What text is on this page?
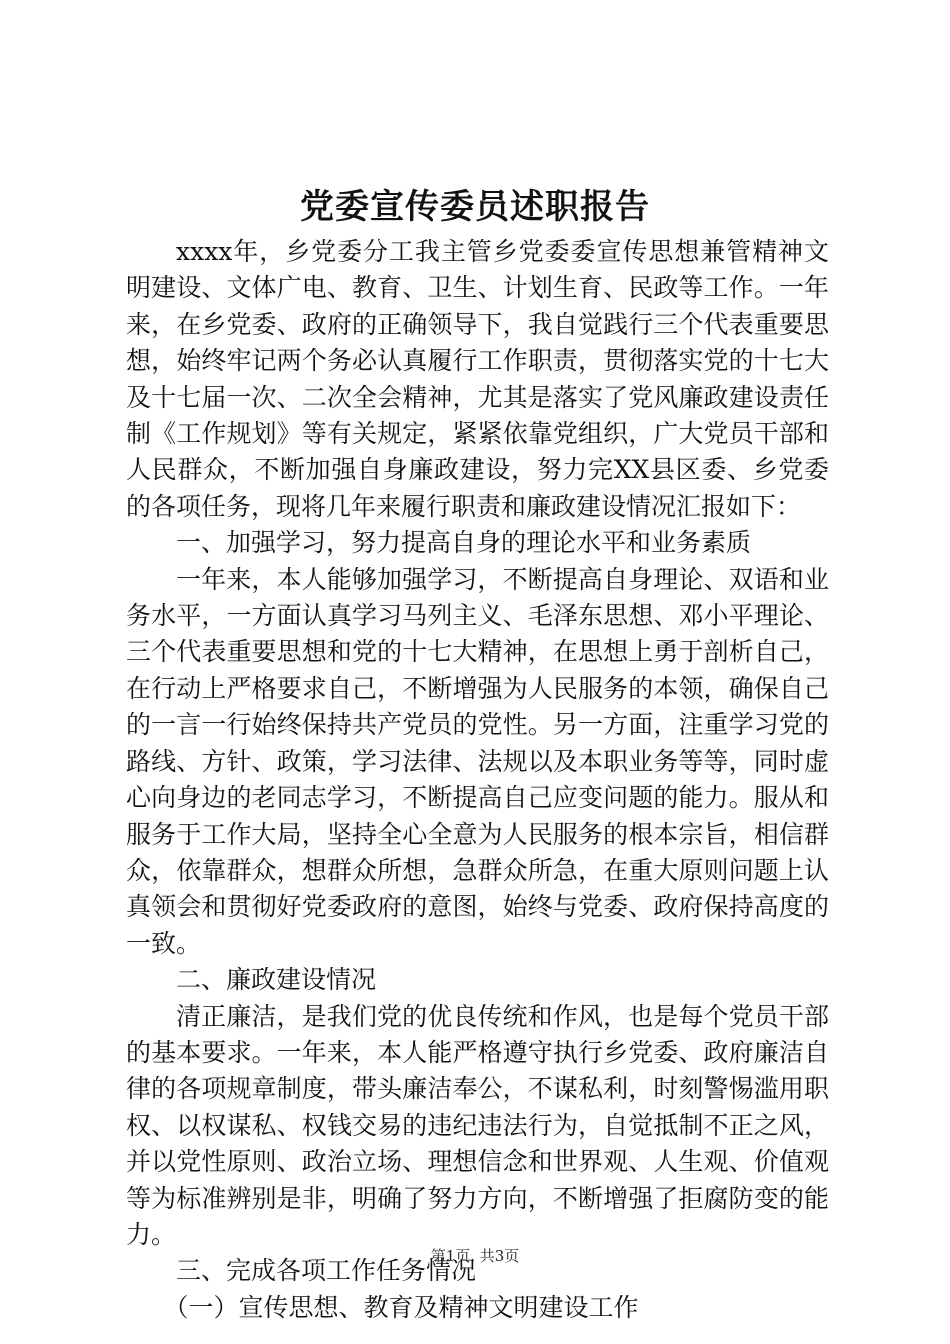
党委宣传委员述职报告

xxxx年，乡党委分工我主管乡党委委宣传思想兼管精神文明建设、文体广电、教育、卫生、计划生育、民政等工作。一年来，在乡党委、政府的正确领导下，我自觉践行三个代表重要思想，始终牢记两个务必认真履行工作职责，贯彻落实党的十七大及十七届一次、二次全会精神，尤其是落实了党风廉政建设责任制《工作规划》等有关规定，紧紧依靠党组织，广大党员干部和人民群众，不断加强自身廉政建设，努力完XX县区委、乡党委的各项任务，现将几年来履行职责和廉政建设情况汇报如下：

一、加强学习，努力提高自身的理论水平和业务素质

一年来，本人能够加强学习，不断提高自身理论、双语和业务水平，一方面认真学习马列主义、毛泽东思想、邓小平理论、三个代表重要思想和党的十七大精神，在思想上勇于剖析自己，在行动上严格要求自己，不断增强为人民服务的本领，确保自己的一言一行始终保持共产党员的党性。另一方面，注重学习党的路线、方针、政策，学习法律、法规以及本职业务等等，同时虚心向身边的老同志学习，不断提高自己应变问题的能力。服从和服务于工作大局，坚持全心全意为人民服务的根本宗旨，相信群众，依靠群众，想群众所想，急群众所急，在重大原则问题上认真领会和贯彻好党委政府的意图，始终与党委、政府保持高度的一致。

二、廉政建设情况

清正廉洁，是我们党的优良传统和作风，也是每个党员干部的基本要求。一年来，本人能严格遵守执行乡党委、政府廉洁自律的各项规章制度，带头廉洁奉公，不谋私利，时刻警惕滥用职权、以权谋私、权钱交易的违纪违法行为，自觉抵制不正之风，并以党性原则、政治立场、理想信念和世界观、人生观、价值观等为标准辨别是非，明确了努力方向，不断增强了拒腐防变的能力。

三、完成各项工作任务情况

（一）宣传思想、教育及精神文明建设工作

第1页  共3页
